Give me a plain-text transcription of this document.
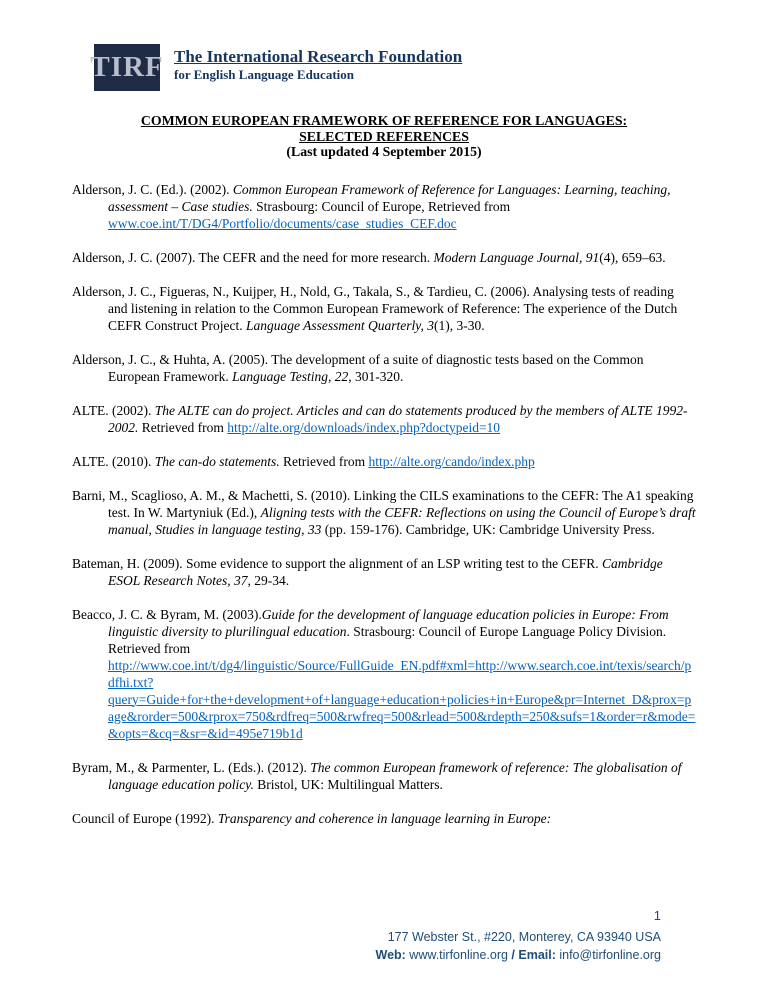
TIRF The International Research Foundation
for English Language Education
COMMON EUROPEAN FRAMEWORK OF REFERENCE FOR LANGUAGES:
SELECTED REFERENCES
(Last updated 4 September 2015)

Alderson, J. C. (Ed.). (2002). Common European Framework of Reference for Languages: Learning, teaching, assessment – Case studies. Strasbourg: Council of Europe, Retrieved from www.coe.int/T/DG4/Portfolio/documents/case_studies_CEF.doc

Alderson, J. C. (2007). The CEFR and the need for more research. Modern Language Journal, 91(4), 659–63.

Alderson, J. C., Figueras, N., Kuijper, H., Nold, G., Takala, S., & Tardieu, C. (2006). Analysing tests of reading and listening in relation to the Common European Framework of Reference: The experience of the Dutch CEFR Construct Project. Language Assessment Quarterly, 3(1), 3-30.

Alderson, J. C., & Huhta, A. (2005). The development of a suite of diagnostic tests based on the Common European Framework. Language Testing, 22, 301-320.

ALTE. (2002). The ALTE can do project. Articles and can do statements produced by the members of ALTE 1992-2002. Retrieved from http://alte.org/downloads/index.php?doctypeid=10

ALTE. (2010). The can-do statements. Retrieved from http://alte.org/cando/index.php

Barni, M., Scaglioso, A. M., & Machetti, S. (2010). Linking the CILS examinations to the CEFR: The A1 speaking test. In W. Martyniuk (Ed.), Aligning tests with the CEFR: Reflections on using the Council of Europe’s draft manual, Studies in language testing, 33 (pp. 159-176). Cambridge, UK: Cambridge University Press.

Bateman, H. (2009). Some evidence to support the alignment of an LSP writing test to the CEFR. Cambridge ESOL Research Notes, 37, 29-34.

Beacco, J. C. & Byram, M. (2003).Guide for the development of language education policies in Europe: From linguistic diversity to plurilingual education. Strasbourg: Council of Europe Language Policy Division. Retrieved from http://www.coe.int/t/dg4/linguistic/Source/FullGuide_EN.pdf#xml=http://www.search.coe.int/texis/search/pdfhi.txt?query=Guide+for+the+development+of+language+education+policies+in+Europe&pr=Internet_D&prox=page&rorder=500&rprox=750&rdfreq=500&rwfreq=500&rlead=500&rdepth=250&sufs=1&order=r&mode=&opts=&cq=&sr=&id=495e719b1d

Byram, M., & Parmenter, L. (Eds.). (2012). The common European framework of reference: The globalisation of language education policy. Bristol, UK: Multilingual Matters.

Council of Europe (1992). Transparency and coherence in language learning in Europe:

1
177 Webster St., #220, Monterey, CA 93940 USA
Web: www.tirfonline.org / Email: info@tirfonline.org
